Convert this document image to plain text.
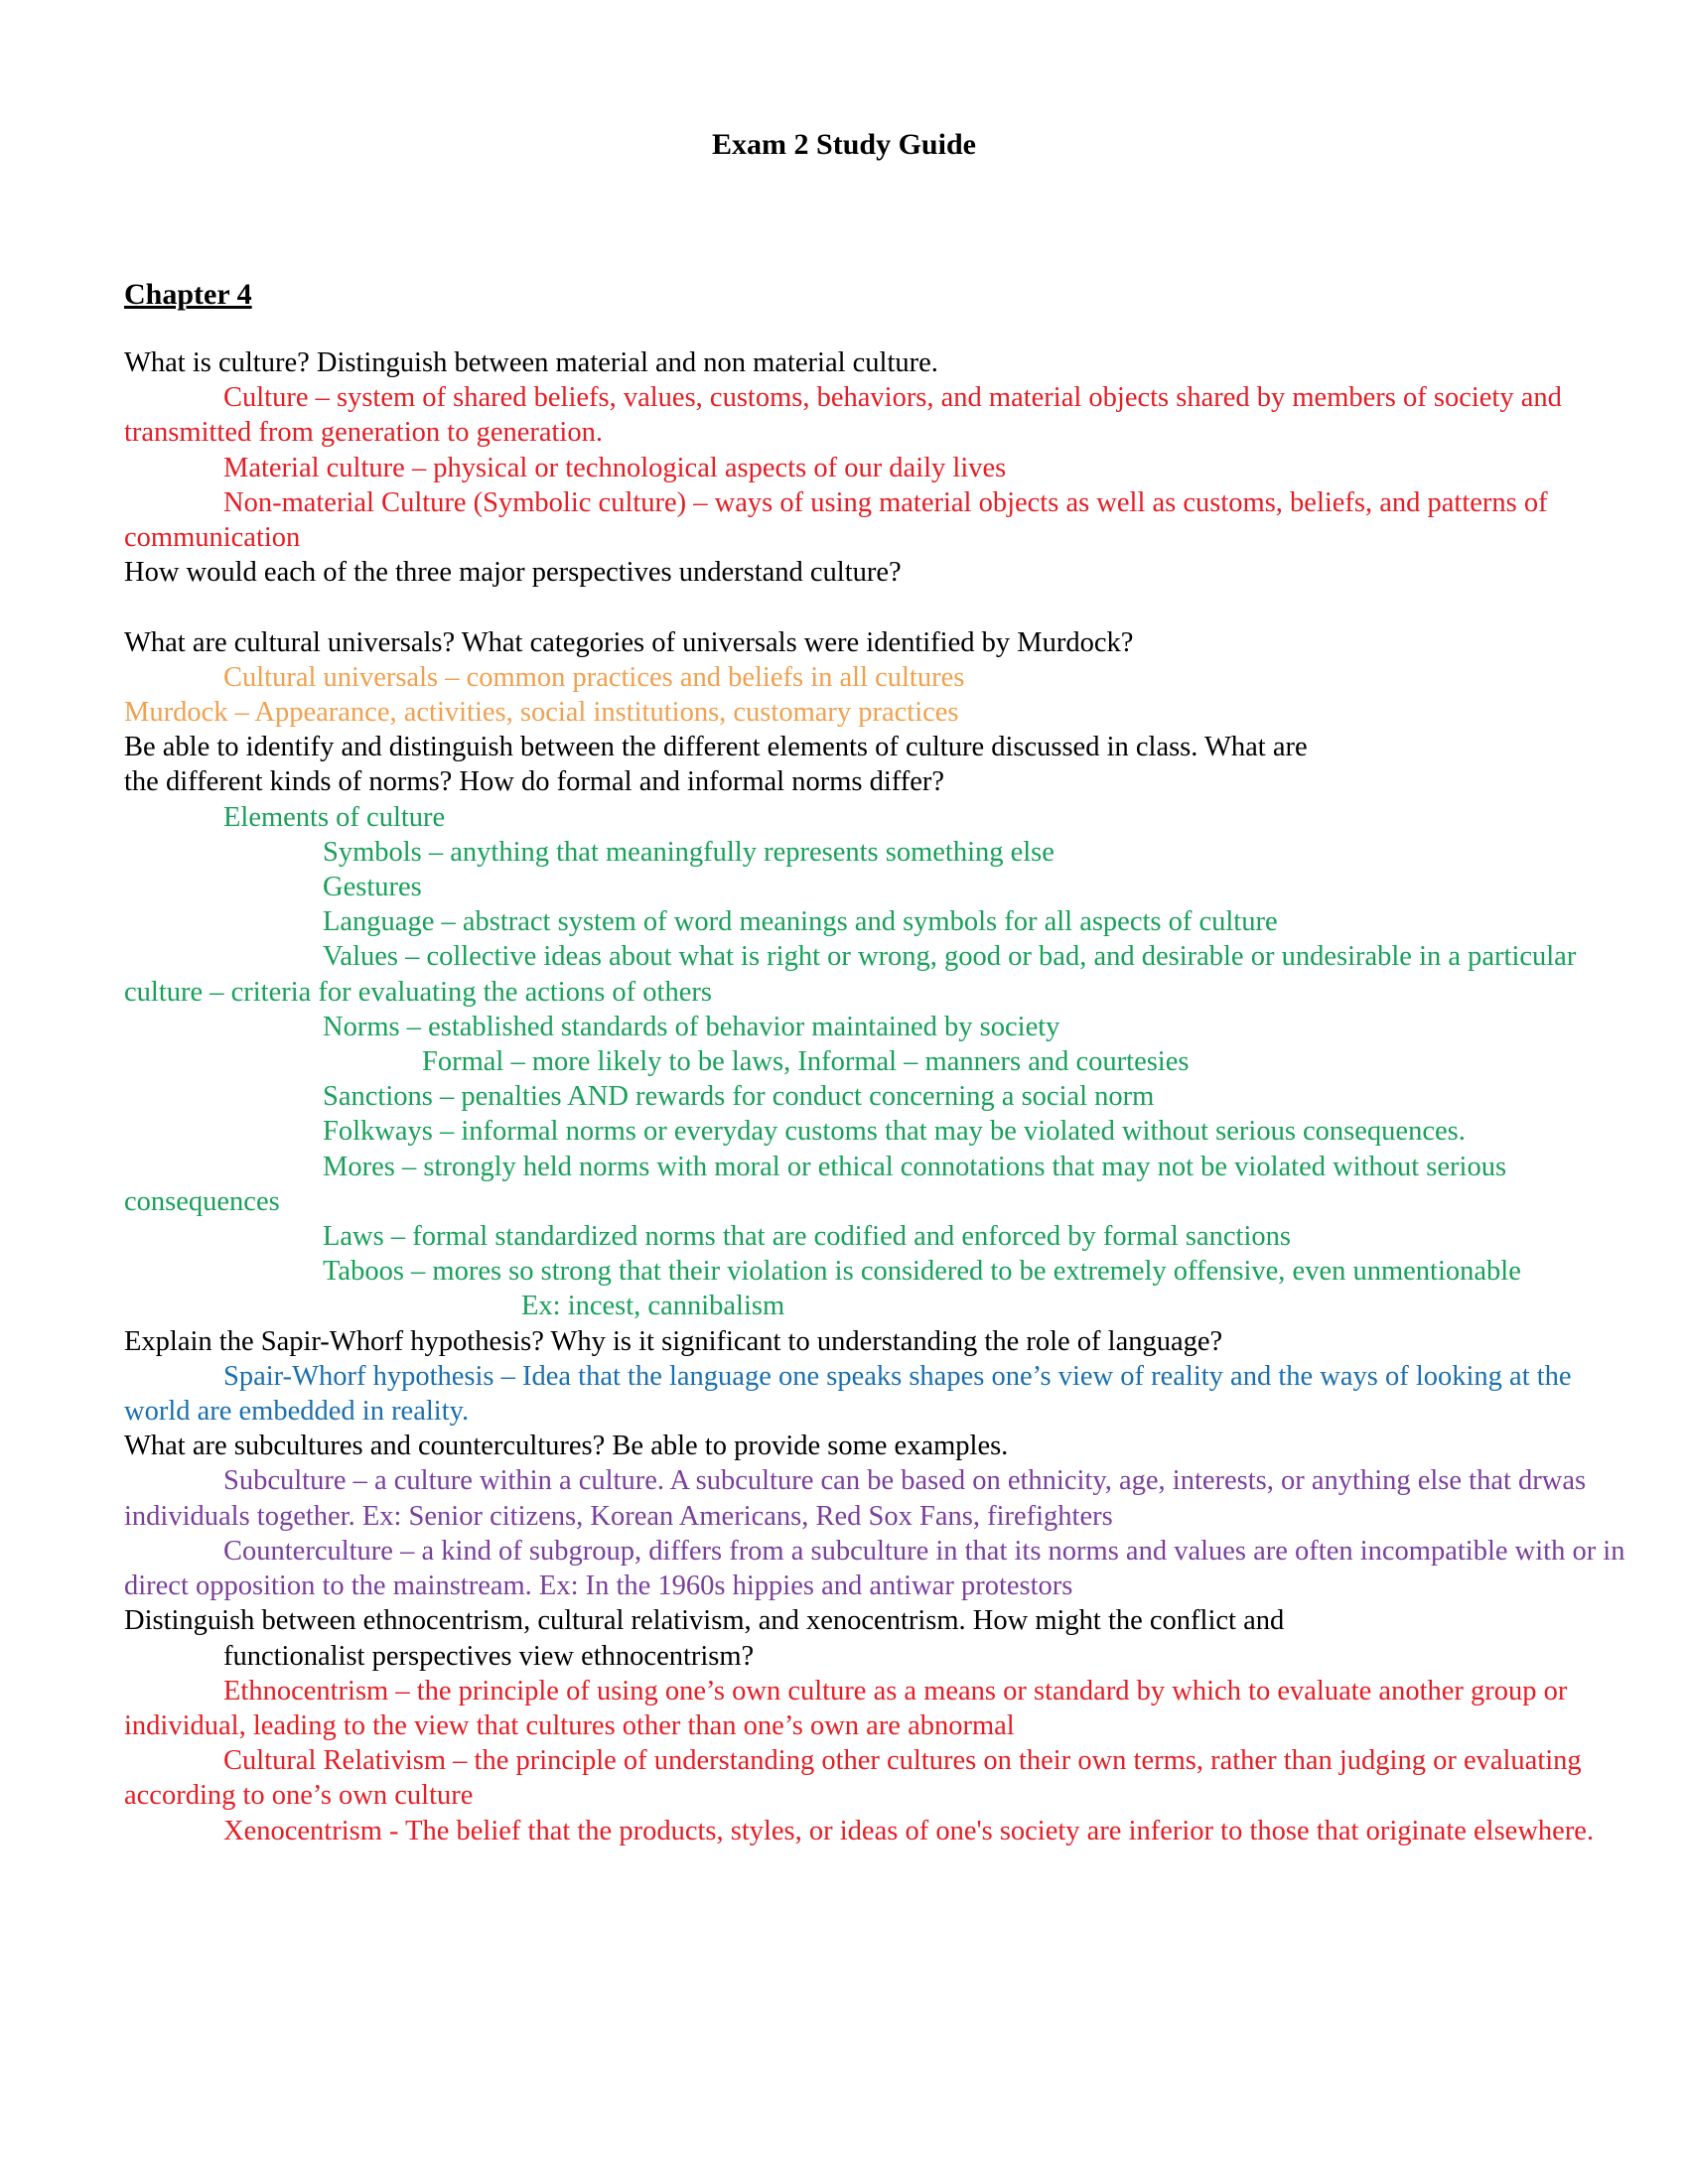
Exam 2 Study Guide
Chapter 4
What is culture? Distinguish between material and non material culture.
Culture – system of shared beliefs, values, customs, behaviors, and material objects shared by members of society and transmitted from generation to generation.
Material culture – physical or technological aspects of our daily lives
Non-material Culture (Symbolic culture) – ways of using material objects as well as customs, beliefs, and patterns of communication
How would each of the three major perspectives understand culture?
What are cultural universals? What categories of universals were identified by Murdock?
Cultural universals – common practices and beliefs in all cultures
Murdock – Appearance, activities, social institutions, customary practices
Be able to identify and distinguish between the different elements of culture discussed in class. What are
the different kinds of norms? How do formal and informal norms differ?
Elements of culture
Symbols – anything that meaningfully represents something else
Gestures
Language – abstract system of word meanings and symbols for all aspects of culture
Values – collective ideas about what is right or wrong, good or bad, and desirable or undesirable in a particular culture – criteria for evaluating the actions of others
Norms – established standards of behavior maintained by society
Formal – more likely to be laws, Informal – manners and courtesies
Sanctions – penalties AND rewards for conduct concerning a social norm
Folkways – informal norms or everyday customs that may be violated without serious consequences.
Mores – strongly held norms with moral or ethical connotations that may not be violated without serious consequences
Laws – formal standardized norms that are codified and enforced by formal sanctions
Taboos – mores so strong that their violation is considered to be extremely offensive, even unmentionable
Ex: incest, cannibalism
Explain the Sapir-Whorf hypothesis? Why is it significant to understanding the role of language?
Spair-Whorf hypothesis – Idea that the language one speaks shapes one’s view of reality and the ways of looking at the world are embedded in reality.
What are subcultures and countercultures? Be able to provide some examples.
Subculture – a culture within a culture. A subculture can be based on ethnicity, age, interests, or anything else that drwas individuals together. Ex: Senior citizens, Korean Americans, Red Sox Fans, firefighters
Counterculture – a kind of subgroup, differs from a subculture in that its norms and values are often incompatible with or in direct opposition to the mainstream. Ex: In the 1960s hippies and antiwar protestors
Distinguish between ethnocentrism, cultural relativism, and xenocentrism. How might the conflict and
functionalist perspectives view ethnocentrism?
Ethnocentrism – the principle of using one’s own culture as a means or standard by which to evaluate another group or individual, leading to the view that cultures other than one’s own are abnormal
Cultural Relativism – the principle of understanding other cultures on their own terms, rather than judging or evaluating according to one’s own culture
Xenocentrism - The belief that the products, styles, or ideas of one's society are inferior to those that originate elsewhere.
